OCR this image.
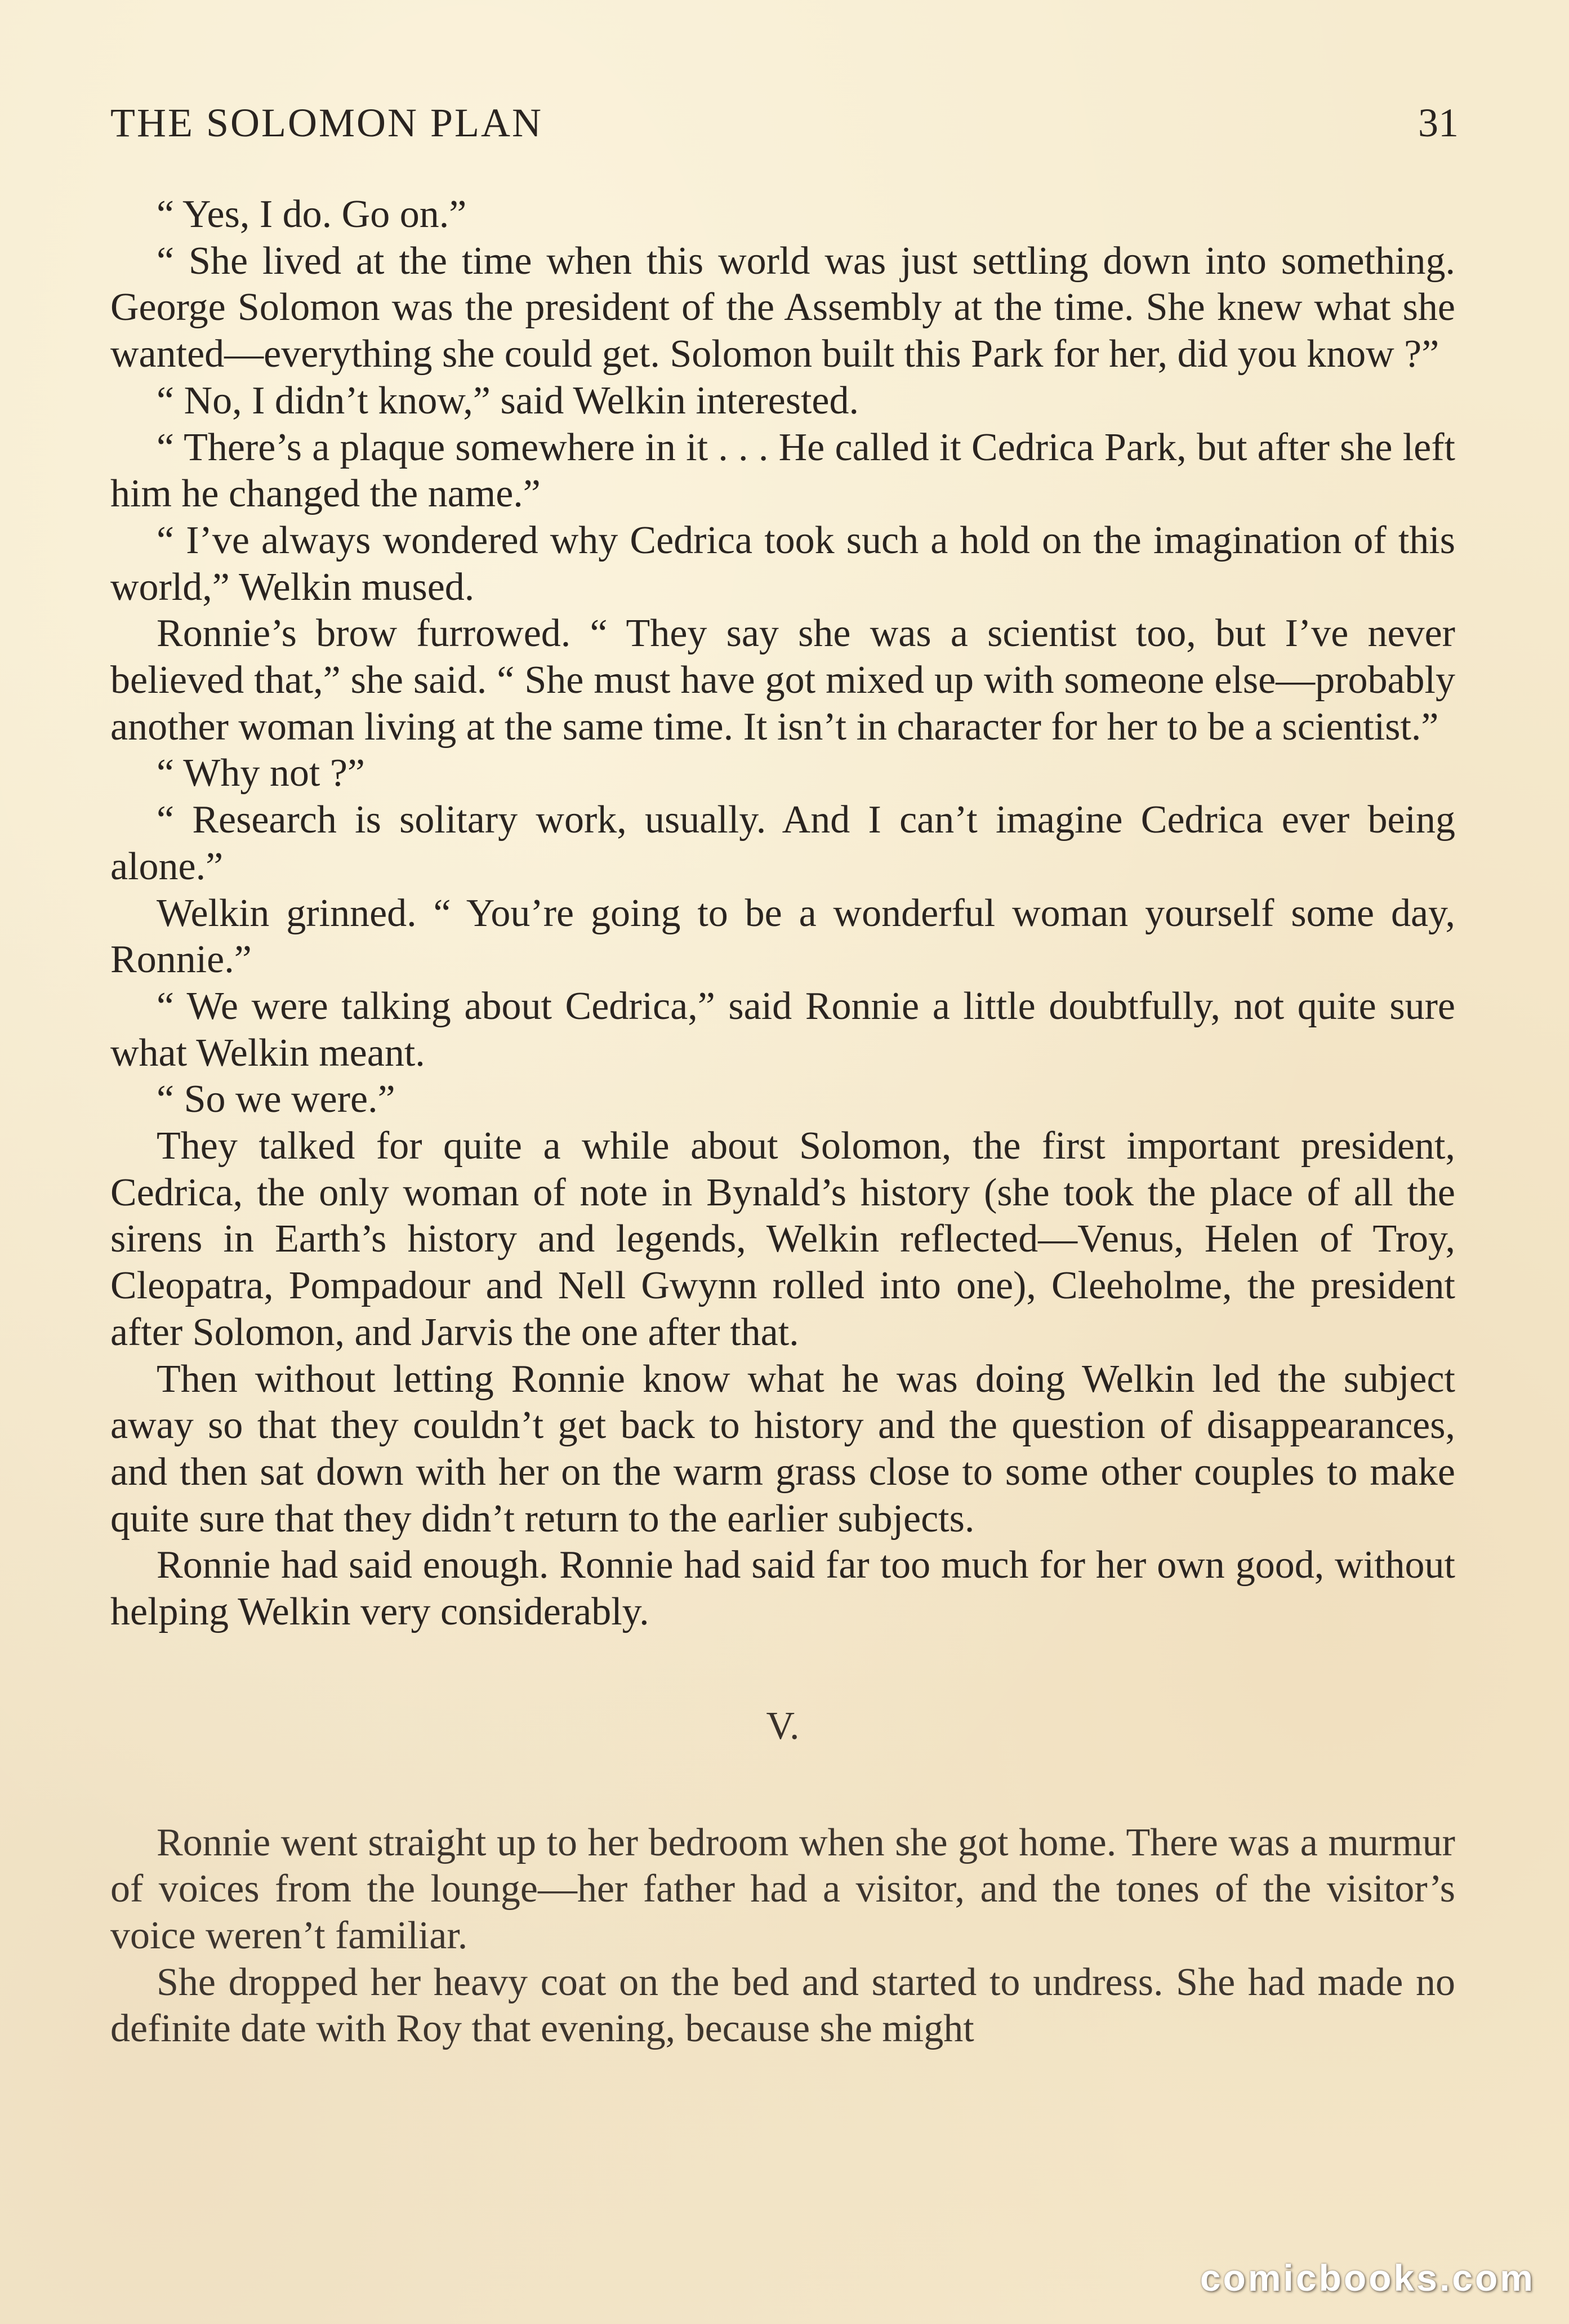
THE SOLOMON PLAN	31

“ Yes, I do. Go on.”

“ She lived at the time when this world was just settling down into something. George Solomon was the president of the Assembly at the time. She knew what she wanted—everything she could get. Solomon built this Park for her, did you know ?”

“ No, I didn’t know,” said Welkin interested.

“ There’s a plaque somewhere in it . . . He called it Cedrica Park, but after she left him he changed the name.”

“ I’ve always wondered why Cedrica took such a hold on the imagination of this world,” Welkin mused.

Ronnie’s brow furrowed. “ They say she was a scientist too, but I’ve never believed that,” she said. “ She must have got mixed up with someone else—probably another woman living at the same time. It isn’t in character for her to be a scientist.”

“ Why not ?”

“ Research is solitary work, usually. And I can’t imagine Cedrica ever being alone.”

Welkin grinned. “ You’re going to be a wonderful woman yourself some day, Ronnie.”

“ We were talking about Cedrica,” said Ronnie a little doubtfully, not quite sure what Welkin meant.

“ So we were.”

They talked for quite a while about Solomon, the first important president, Cedrica, the only woman of note in Bynald’s history (she took the place of all the sirens in Earth’s history and legends, Welkin reflected—Venus, Helen of Troy, Cleopatra, Pompadour and Nell Gwynn rolled into one), Cleeholme, the president after Solomon, and Jarvis the one after that.

Then without letting Ronnie know what he was doing Welkin led the subject away so that they couldn’t get back to history and the question of disappearances, and then sat down with her on the warm grass close to some other couples to make quite sure that they didn’t return to the earlier subjects.

Ronnie had said enough. Ronnie had said far too much for her own good, without helping Welkin very considerably.

V.

Ronnie went straight up to her bedroom when she got home. There was a murmur of voices from the lounge—her father had a visitor, and the tones of the visitor’s voice weren’t familiar.

She dropped her heavy coat on the bed and started to undress. She had made no definite date with Roy that evening, because she might

comicbooks.com
